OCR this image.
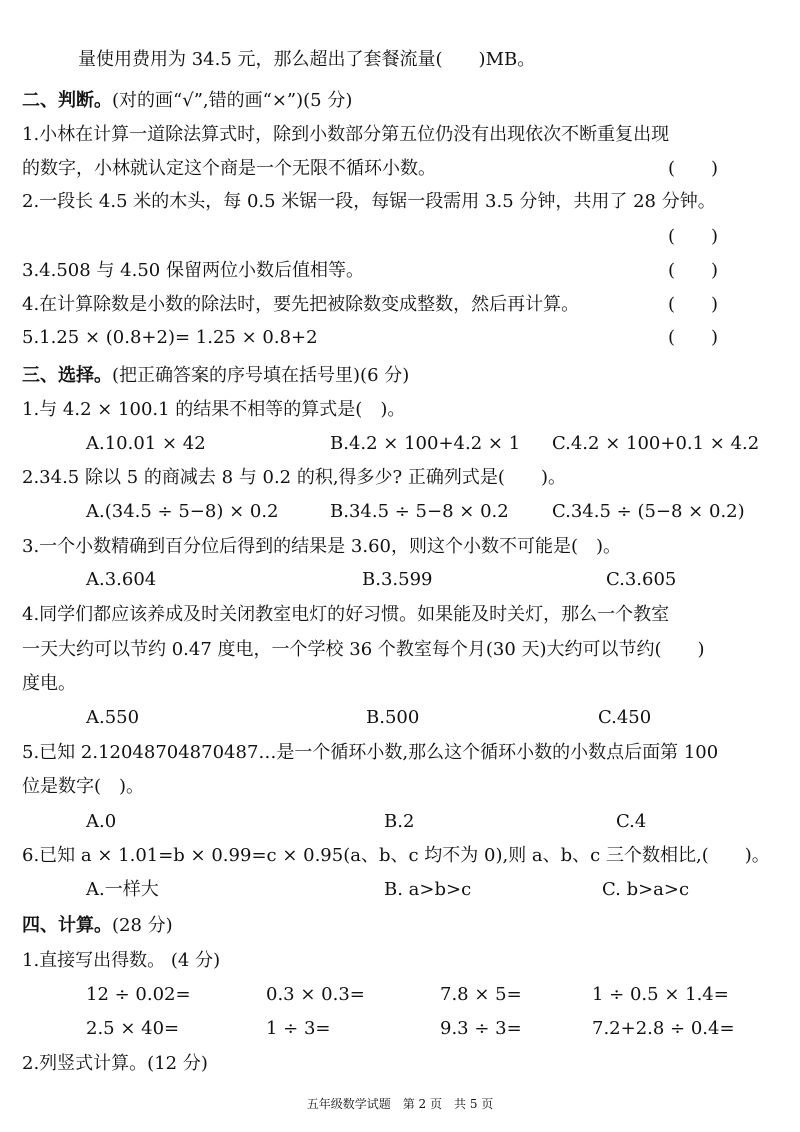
量使用费用为 34.5 元，那么超出了套餐流量(　　)MB。
二、判断。(对的画“√”,错的画“×”)(5 分)
1.小林在计算一道除法算式时，除到小数部分第五位仍没有出现依次不断重复出现
的数字，小林就认定这个商是一个无限不循环小数。	(　　)
2.一段长 4.5 米的木头，每 0.5 米锯一段，每锯一段需用 3.5 分钟，共用了 28 分钟。
(　　)
3.4.508 与 4.50 保留两位小数后值相等。	(　　)
4.在计算除数是小数的除法时，要先把被除数变成整数，然后再计算。	(　　)
5.1.25 × (0.8+2)= 1.25 × 0.8+2	(　　)
三、选择。(把正确答案的序号填在括号里)(6 分)
1.与 4.2 × 100.1 的结果不相等的算式是(　)。
A.10.01 × 42	B.4.2 × 100+4.2 × 1 C.4.2 × 100+0.1 × 4.2
2.34.5 除以 5 的商减去 8 与 0.2 的积,得多少? 正确列式是(　　)。
A.(34.5 ÷ 5−8) × 0.2	B.34.5 ÷ 5−8 × 0.2 C.34.5 ÷ (5−8 × 0.2)
3.一个小数精确到百分位后得到的结果是 3.60，则这个小数不可能是(　)。
A.3.604	B.3.599	C.3.605
4.同学们都应该养成及时关闭教室电灯的好习惯。如果能及时关灯，那么一个教室
一天大约可以节约 0.47 度电，一个学校 36 个教室每个月(30 天)大约可以节约(　　)
度电。
A.550	B.500	C.450
5.已知 2.12048704870487…是一个循环小数,那么这个循环小数的小数点后面第 100
位是数字(　)。
A.0	B.2	C.4
6.已知 a × 1.01=b × 0.99=c × 0.95(a、b、c 均不为 0),则 a、b、c 三个数相比,(　　)。
A.一样大	B. a>b>c	C. b>a>c
四、计算。(28 分)
1.直接写出得数。 (4 分)
12 ÷ 0.02=	0.3 × 0.3=	7.8 × 5=	1 ÷ 0.5 × 1.4=
2.5 × 40=	1 ÷ 3=	9.3 ÷ 3=	7.2+2.8 ÷ 0.4=
2.列竖式计算。(12 分)
五年级数学试题　第 2 页　共 5 页
